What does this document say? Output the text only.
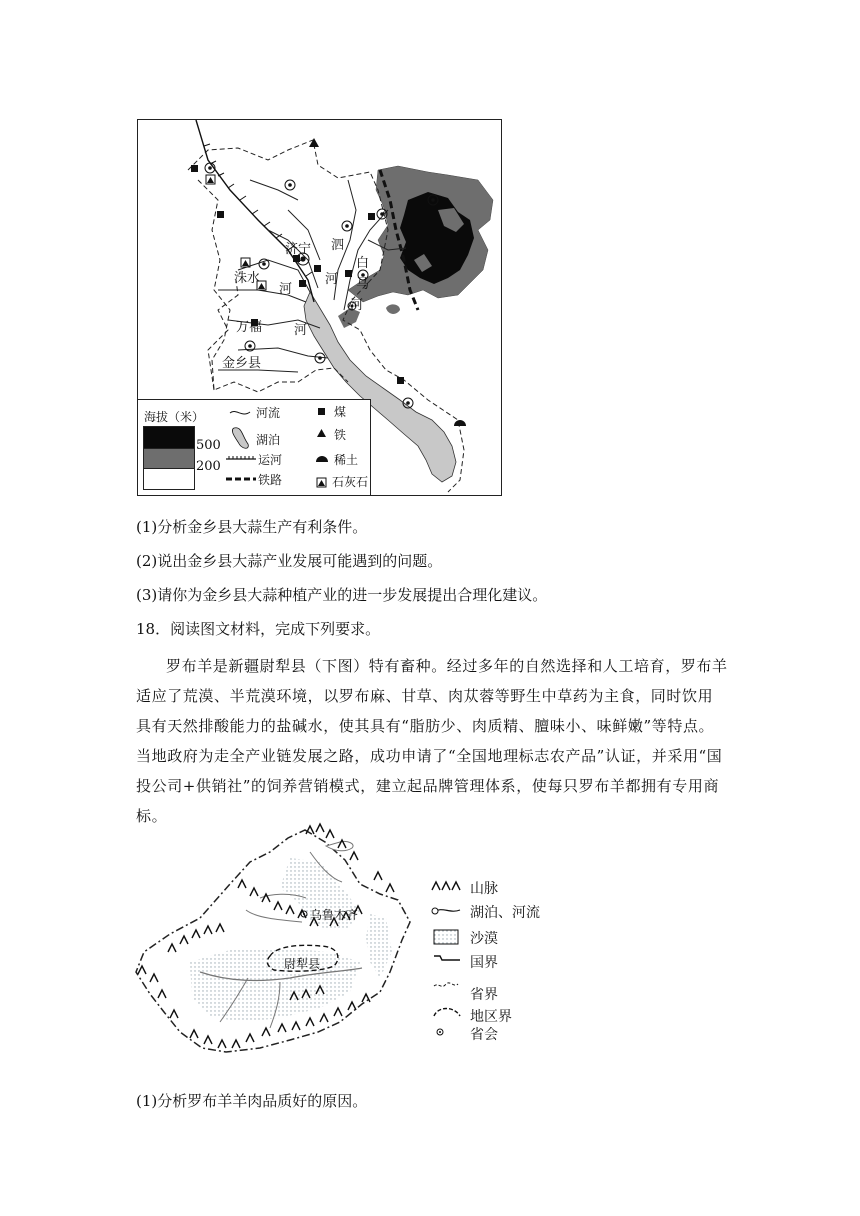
济宁
洙水
万福
金乡县
泗
河
白
马
河
河
河
海拔（米）
500
200
河流
湖泊
运河
铁路
煤
铁
稀土
石灰石
(1)分析金乡县大蒜生产有利条件。
(2)说出金乡县大蒜产业发展可能遇到的问题。
(3)请你为金乡县大蒜种植产业的进一步发展提出合理化建议。
18．阅读图文材料，完成下列要求。
罗布羊是新疆尉犁县（下图）特有畜种。经过多年的自然选择和人工培育，罗布羊适应了荒漠、半荒漠环境，以罗布麻、甘草、肉苁蓉等野生中草药为主食，同时饮用具有天然排酸能力的盐碱水，使其具有“脂肪少、肉质精、膻味小、味鲜嫩”等特点。当地政府为走全产业链发展之路，成功申请了“全国地理标志农产品”认证，并采用“国投公司+供销社”的饲养营销模式，建立起品牌管理体系，使每只罗布羊都拥有专用商标。
乌鲁木齐
尉犁县
山脉
湖泊、河流
沙漠
国界
省界
地区界
省会
(1)分析罗布羊羊肉品质好的原因。
